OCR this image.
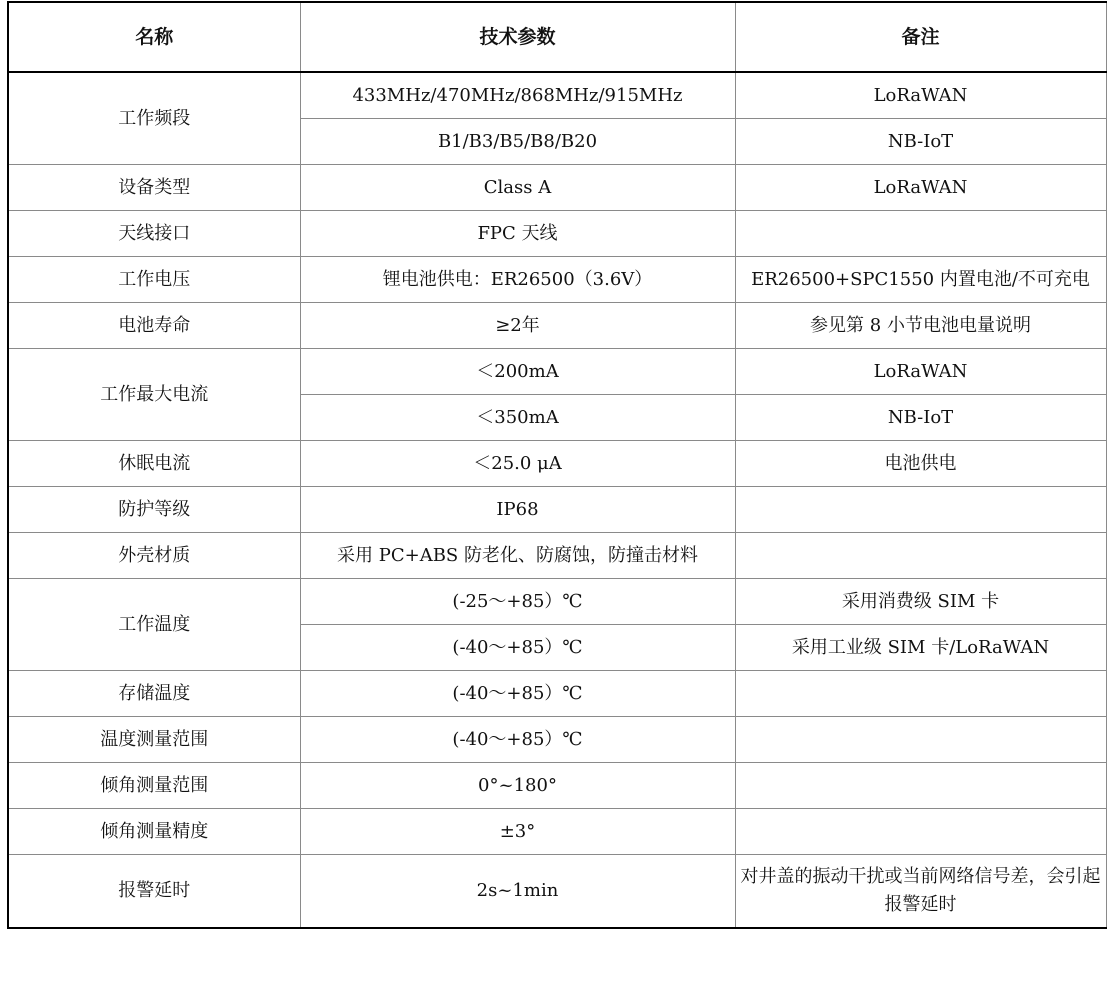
名称	技术参数	备注
工作频段	433MHz/470MHz/868MHz/915MHz	LoRaWAN
	B1/B3/B5/B8/B20	NB-IoT
设备类型	Class A	LoRaWAN
天线接口	FPC 天线	
工作电压	锂电池供电：ER26500（3.6V）	ER26500+SPC1550 内置电池/不可充电
电池寿命	≥2年	参见第 8 小节电池电量说明
工作最大电流	＜200mA	LoRaWAN
	＜350mA	NB-IoT
休眠电流	＜25.0 μA	电池供电
防护等级	IP68	
外壳材质	采用 PC+ABS 防老化、防腐蚀，防撞击材料	
工作温度	(-25～+85）℃	采用消费级 SIM 卡
	(-40～+85）℃	采用工业级 SIM 卡/LoRaWAN
存储温度	(-40～+85）℃	
温度测量范围	(-40～+85）℃	
倾角测量范围	0°~180°	
倾角测量精度	±3°	
报警延时	2s~1min	对井盖的振动干扰或当前网络信号差，会引起报警延时
